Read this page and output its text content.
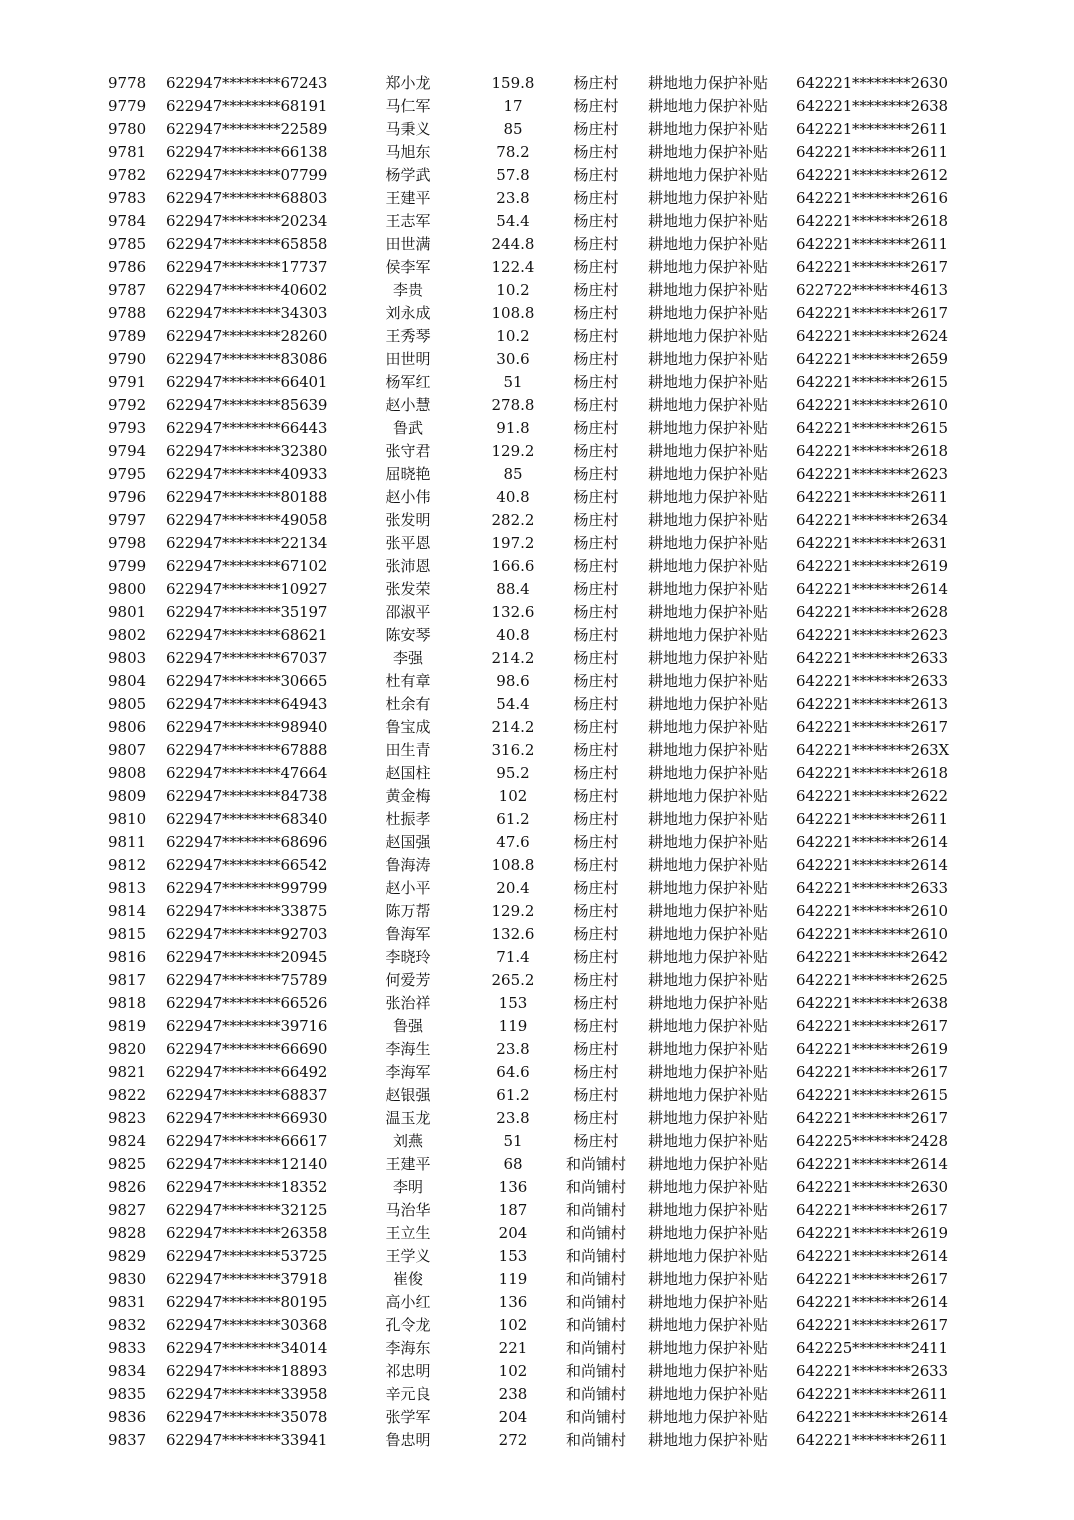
9778	622947********67243	郑小龙	159.8	杨庄村	耕地地力保护补贴	642221********2630
9779	622947********68191	马仁军	17	杨庄村	耕地地力保护补贴	642221********2638
9780	622947********22589	马秉义	85	杨庄村	耕地地力保护补贴	642221********2611
9781	622947********66138	马旭东	78.2	杨庄村	耕地地力保护补贴	642221********2611
9782	622947********07799	杨学武	57.8	杨庄村	耕地地力保护补贴	642221********2612
9783	622947********68803	王建平	23.8	杨庄村	耕地地力保护补贴	642221********2616
9784	622947********20234	王志军	54.4	杨庄村	耕地地力保护补贴	642221********2618
9785	622947********65858	田世满	244.8	杨庄村	耕地地力保护补贴	642221********2611
9786	622947********17737	侯李军	122.4	杨庄村	耕地地力保护补贴	642221********2617
9787	622947********40602	李贵	10.2	杨庄村	耕地地力保护补贴	622722********4613
9788	622947********34303	刘永成	108.8	杨庄村	耕地地力保护补贴	642221********2617
9789	622947********28260	王秀琴	10.2	杨庄村	耕地地力保护补贴	642221********2624
9790	622947********83086	田世明	30.6	杨庄村	耕地地力保护补贴	642221********2659
9791	622947********66401	杨军红	51	杨庄村	耕地地力保护补贴	642221********2615
9792	622947********85639	赵小慧	278.8	杨庄村	耕地地力保护补贴	642221********2610
9793	622947********66443	鲁武	91.8	杨庄村	耕地地力保护补贴	642221********2615
9794	622947********32380	张守君	129.2	杨庄村	耕地地力保护补贴	642221********2618
9795	622947********40933	屈晓艳	85	杨庄村	耕地地力保护补贴	642221********2623
9796	622947********80188	赵小伟	40.8	杨庄村	耕地地力保护补贴	642221********2611
9797	622947********49058	张发明	282.2	杨庄村	耕地地力保护补贴	642221********2634
9798	622947********22134	张平恩	197.2	杨庄村	耕地地力保护补贴	642221********2631
9799	622947********67102	张沛恩	166.6	杨庄村	耕地地力保护补贴	642221********2619
9800	622947********10927	张发荣	88.4	杨庄村	耕地地力保护补贴	642221********2614
9801	622947********35197	邵淑平	132.6	杨庄村	耕地地力保护补贴	642221********2628
9802	622947********68621	陈安琴	40.8	杨庄村	耕地地力保护补贴	642221********2623
9803	622947********67037	李强	214.2	杨庄村	耕地地力保护补贴	642221********2633
9804	622947********30665	杜有章	98.6	杨庄村	耕地地力保护补贴	642221********2633
9805	622947********64943	杜余有	54.4	杨庄村	耕地地力保护补贴	642221********2613
9806	622947********98940	鲁宝成	214.2	杨庄村	耕地地力保护补贴	642221********2617
9807	622947********67888	田生青	316.2	杨庄村	耕地地力保护补贴	642221********263X
9808	622947********47664	赵国柱	95.2	杨庄村	耕地地力保护补贴	642221********2618
9809	622947********84738	黄金梅	102	杨庄村	耕地地力保护补贴	642221********2622
9810	622947********68340	杜振孝	61.2	杨庄村	耕地地力保护补贴	642221********2611
9811	622947********68696	赵国强	47.6	杨庄村	耕地地力保护补贴	642221********2614
9812	622947********66542	鲁海涛	108.8	杨庄村	耕地地力保护补贴	642221********2614
9813	622947********99799	赵小平	20.4	杨庄村	耕地地力保护补贴	642221********2633
9814	622947********33875	陈万帮	129.2	杨庄村	耕地地力保护补贴	642221********2610
9815	622947********92703	鲁海军	132.6	杨庄村	耕地地力保护补贴	642221********2610
9816	622947********20945	李晓玲	71.4	杨庄村	耕地地力保护补贴	642221********2642
9817	622947********75789	何爱芳	265.2	杨庄村	耕地地力保护补贴	642221********2625
9818	622947********66526	张治祥	153	杨庄村	耕地地力保护补贴	642221********2638
9819	622947********39716	鲁强	119	杨庄村	耕地地力保护补贴	642221********2617
9820	622947********66690	李海生	23.8	杨庄村	耕地地力保护补贴	642221********2619
9821	622947********66492	李海军	64.6	杨庄村	耕地地力保护补贴	642221********2617
9822	622947********68837	赵银强	61.2	杨庄村	耕地地力保护补贴	642221********2615
9823	622947********66930	温玉龙	23.8	杨庄村	耕地地力保护补贴	642221********2617
9824	622947********66617	刘燕	51	杨庄村	耕地地力保护补贴	642225********2428
9825	622947********12140	王建平	68	和尚铺村	耕地地力保护补贴	642221********2614
9826	622947********18352	李明	136	和尚铺村	耕地地力保护补贴	642221********2630
9827	622947********32125	马治华	187	和尚铺村	耕地地力保护补贴	642221********2617
9828	622947********26358	王立生	204	和尚铺村	耕地地力保护补贴	642221********2619
9829	622947********53725	王学义	153	和尚铺村	耕地地力保护补贴	642221********2614
9830	622947********37918	崔俊	119	和尚铺村	耕地地力保护补贴	642221********2617
9831	622947********80195	高小红	136	和尚铺村	耕地地力保护补贴	642221********2614
9832	622947********30368	孔令龙	102	和尚铺村	耕地地力保护补贴	642221********2617
9833	622947********34014	李海东	221	和尚铺村	耕地地力保护补贴	642225********2411
9834	622947********18893	祁忠明	102	和尚铺村	耕地地力保护补贴	642221********2633
9835	622947********33958	辛元良	238	和尚铺村	耕地地力保护补贴	642221********2611
9836	622947********35078	张学军	204	和尚铺村	耕地地力保护补贴	642221********2614
9837	622947********33941	鲁忠明	272	和尚铺村	耕地地力保护补贴	642221********2611
